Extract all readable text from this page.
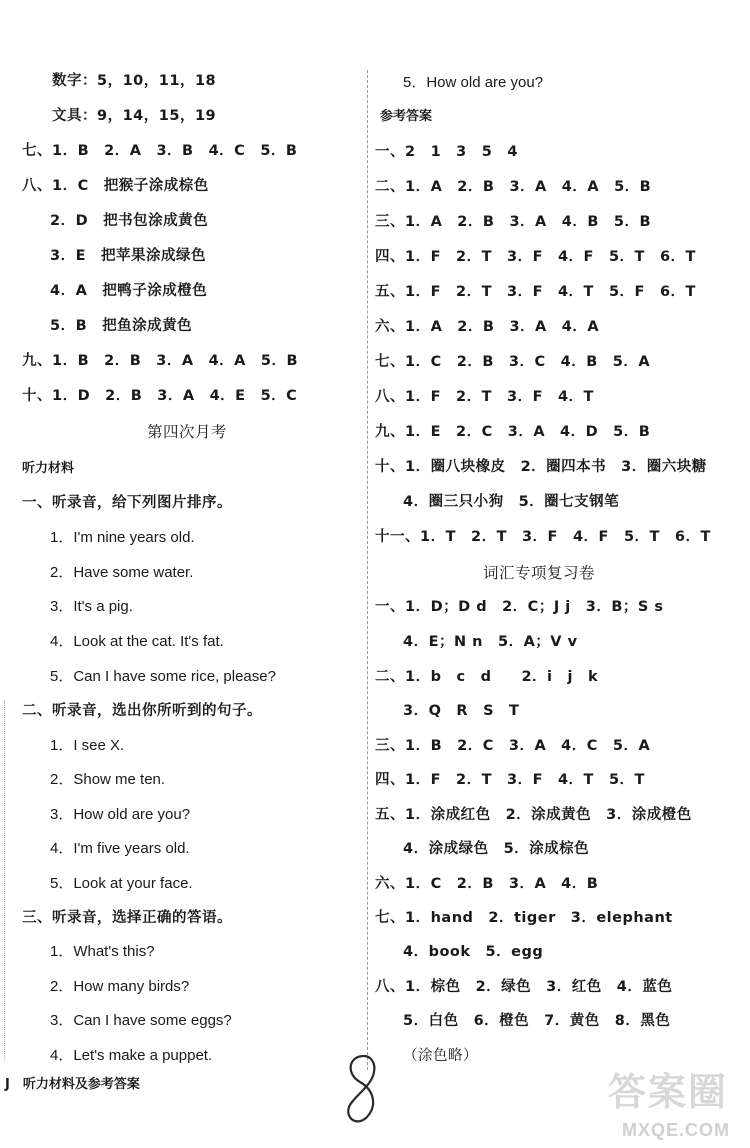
数字：5，10，11，18
文具：9，14，15，19
七、1．B　2．A　3．B　4．C　5．B
八、1．C　把猴子涂成棕色
2．D　把书包涂成黄色
3．E　把苹果涂成绿色
4．A　把鸭子涂成橙色
5．B　把鱼涂成黄色
九、1．B　2．B　3．A　4．A　5．B
十、1．D　2．B　3．A　4．E　5．C
第四次月考
听力材料
一、听录音，给下列图片排序。
1．I'm nine years old.
2．Have some water.
3．It's a pig.
4．Look at the cat. It's fat.
5．Can I have some rice, please?
二、听录音，选出你所听到的句子。
1．I see X.
2．Show me ten.
3．How old are you?
4．I'm five years old.
5．Look at your face.
三、听录音，选择正确的答语。
1．What's this?
2．How many birds?
3．Can I have some eggs?
4．Let's make a puppet.
5．How old are you?
参考答案
一、2　1　3　5　4
二、1．A　2．B　3．A　4．A　5．B
三、1．A　2．B　3．A　4．B　5．B
四、1．F　2．T　3．F　4．F　5．T　6．T
五、1．F　2．T　3．F　4．T　5．F　6．T
六、1．A　2．B　3．A　4．A
七、1．C　2．B　3．C　4．B　5．A
八、1．F　2．T　3．F　4．T
九、1．E　2．C　3．A　4．D　5．B
十、1．圈八块橡皮　2．圈四本书　3．圈六块糖
4．圈三只小狗　5．圈七支钢笔
十一、1．T　2．T　3．F　4．F　5．T　6．T
词汇专项复习卷
一、1．D；D d　2．C；J j　3．B；S s
4．E；N n　5．A；V v
二、1．b　c　d　　2．i　j　k
3．Q　R　S　T
三、1．B　2．C　3．A　4．C　5．A
四、1．F　2．T　3．F　4．T　5．T
五、1．涂成红色　2．涂成黄色　3．涂成橙色
4．涂成绿色　5．涂成棕色
六、1．C　2．B　3．A　4．B
七、1．hand　2．tiger　3．elephant
4．book　5．egg
八、1．棕色　2．绿色　3．红色　4．蓝色
5．白色　6．橙色　7．黄色　8．黑色
（涂色略）
J　听力材料及参考答案	答案圈
MXQE.COM
